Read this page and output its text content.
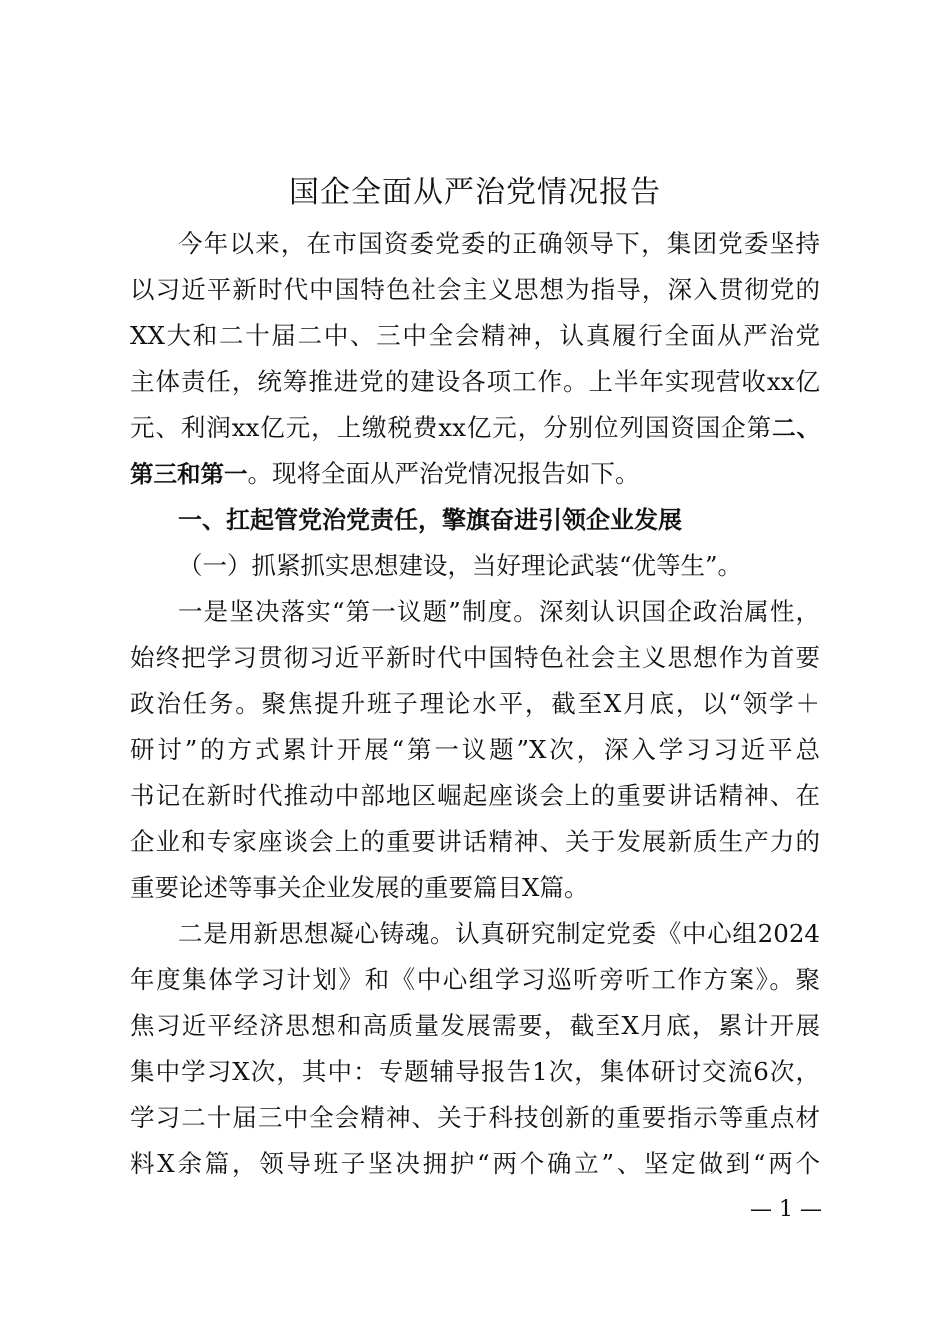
国企全面从严治党情况报告
今年以来，在市国资委党委的正确领导下，集团党委坚持
以习近平新时代中国特色社会主义思想为指导，深入贯彻党的
XX大和二十届二中、三中全会精神，认真履行全面从严治党
主体责任，统筹推进党的建设各项工作。上半年实现营收xx亿
元、利润xx亿元，上缴税费xx亿元，分别位列国资国企第二、
第三和第一。现将全面从严治党情况报告如下。
一、扛起管党治党责任，擎旗奋进引领企业发展
（一）抓紧抓实思想建设，当好理论武装“优等生”。
一是坚决落实“第一议题”制度。深刻认识国企政治属性，
始终把学习贯彻习近平新时代中国特色社会主义思想作为首要
政治任务。聚焦提升班子理论水平，截至X月底，以“领学＋
研讨”的方式累计开展“第一议题”X次，深入学习习近平总
书记在新时代推动中部地区崛起座谈会上的重要讲话精神、在
企业和专家座谈会上的重要讲话精神、关于发展新质生产力的
重要论述等事关企业发展的重要篇目X篇。
二是用新思想凝心铸魂。认真研究制定党委《中心组2024
年度集体学习计划》和《中心组学习巡听旁听工作方案》。聚
焦习近平经济思想和高质量发展需要，截至X月底，累计开展
集中学习X次，其中：专题辅导报告1次，集体研讨交流6次，
学习二十届三中全会精神、关于科技创新的重要指示等重点材
料X余篇，领导班子坚决拥护“两个确立”、坚定做到“两个
— 1 —
